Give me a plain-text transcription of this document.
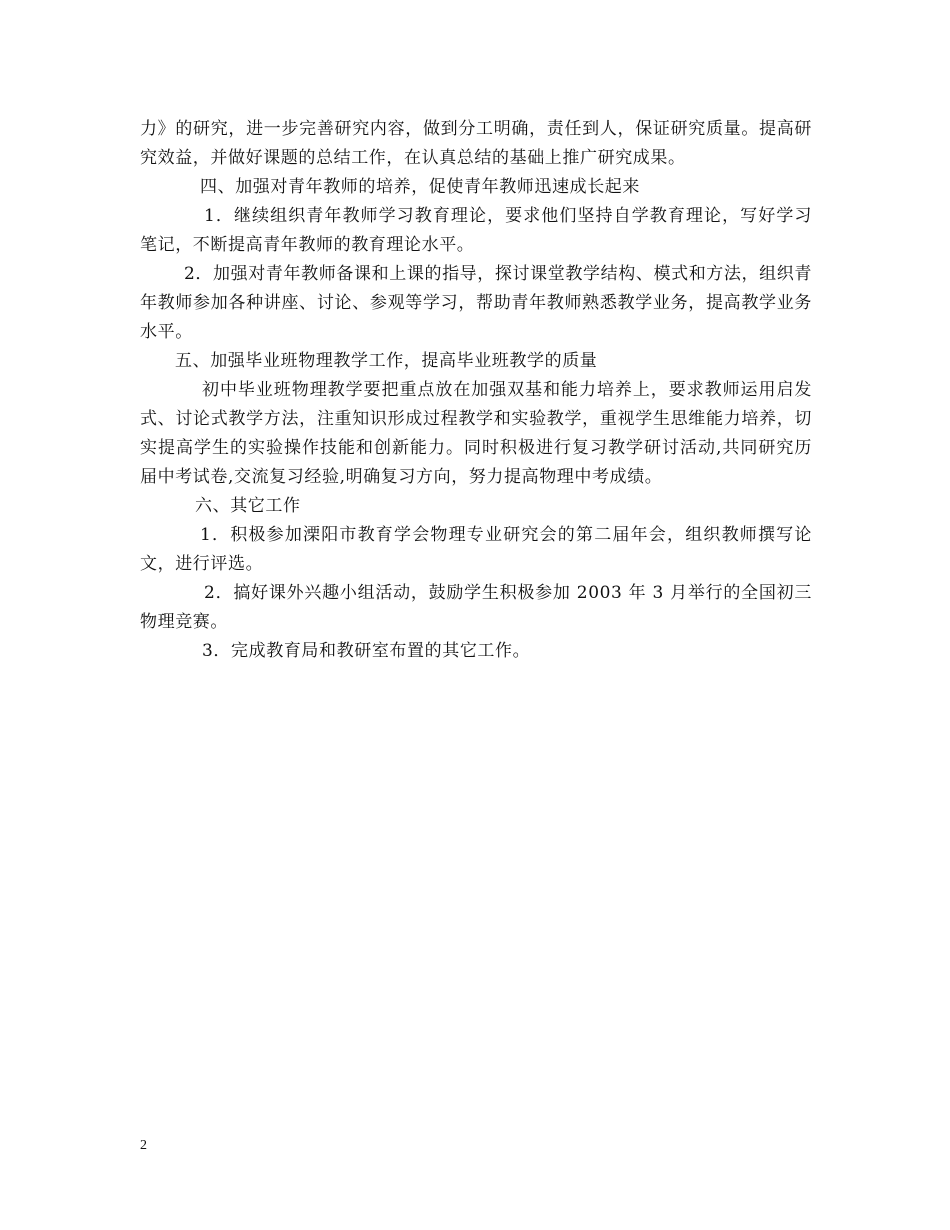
力》的研究，进一步完善研究内容，做到分工明确，责任到人，保证研究质量。提高研究效益，并做好课题的总结工作，在认真总结的基础上推广研究成果。

四、加强对青年教师的培养，促使青年教师迅速成长起来

1．继续组织青年教师学习教育理论，要求他们坚持自学教育理论，写好学习笔记，不断提高青年教师的教育理论水平。

2．加强对青年教师备课和上课的指导，探讨课堂教学结构、模式和方法，组织青年教师参加各种讲座、讨论、参观等学习，帮助青年教师熟悉教学业务，提高教学业务水平。

五、加强毕业班物理教学工作，提高毕业班教学的质量

初中毕业班物理教学要把重点放在加强双基和能力培养上，要求教师运用启发式、讨论式教学方法，注重知识形成过程教学和实验教学，重视学生思维能力培养，切实提高学生的实验操作技能和创新能力。同时积极进行复习教学研讨活动,共同研究历届中考试卷,交流复习经验,明确复习方向，努力提高物理中考成绩。

六、其它工作

1．积极参加溧阳市教育学会物理专业研究会的第二届年会，组织教师撰写论文，进行评选。

2．搞好课外兴趣小组活动，鼓励学生积极参加 2003 年 3 月举行的全国初三物理竞赛。

3．完成教育局和教研室布置的其它工作。

2
